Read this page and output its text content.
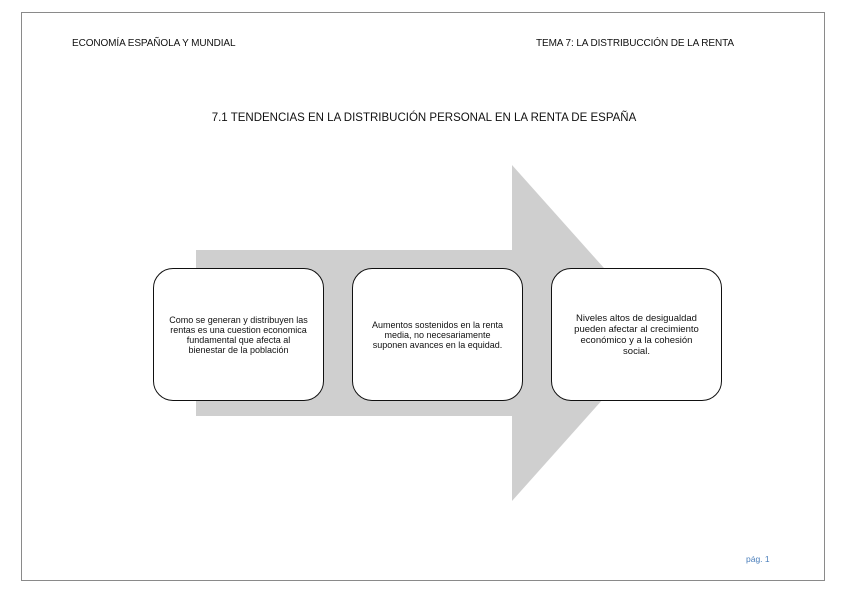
ECONOMÍA ESPAÑOLA Y MUNDIAL	TEMA 7: LA DISTRIBUCCIÓN DE LA RENTA
7.1 TENDENCIAS EN LA DISTRIBUCIÓN PERSONAL EN LA RENTA DE ESPAÑA
Como se generan y distribuyen las rentas es una cuestion economica fundamental que afecta al bienestar de la población
Aumentos sostenidos en la renta media, no necesariamente suponen avances en la equidad.
Niveles altos de desigualdad pueden afectar al crecimiento económico y a la cohesión social.
pág. 1
